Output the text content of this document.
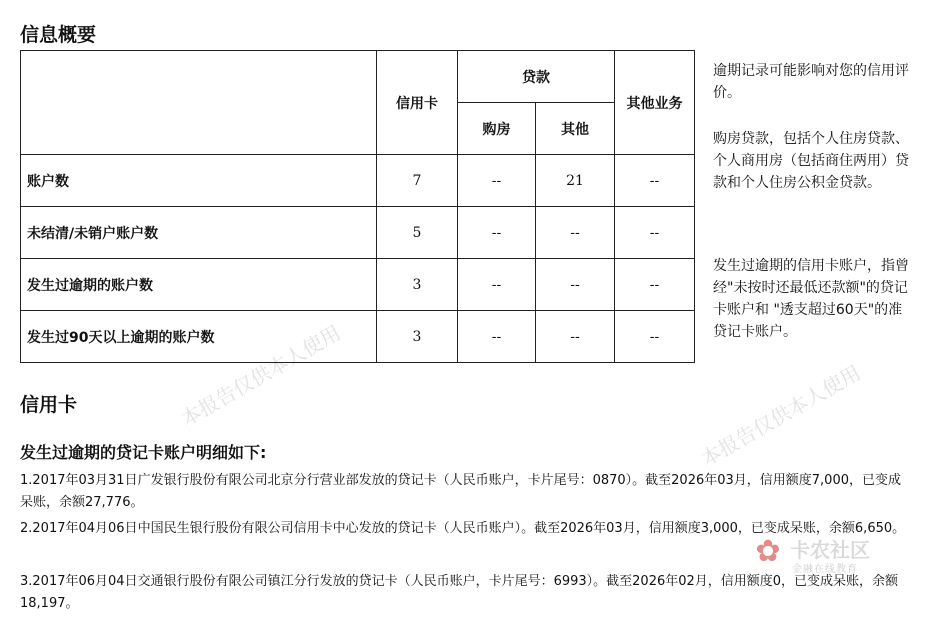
本报告仅供本人使用	本报告仅供本人使用
信息概要
	信用卡	贷款		其他业务
		购房	其他	
账户数	7	--	21	--
未结清/未销户账户数	5	--	--	--
发生过逾期的账户数	3	--	--	--
发生过90天以上逾期的账户数	3	--	--	--

逾期记录可能影响对您的信用评价。

购房贷款，包括个人住房贷款、个人商用房（包括商住两用）贷款和个人住房公积金贷款。

发生过逾期的信用卡账户，指曾经"未按时还最低还款额"的贷记卡账户和 "透支超过60天"的准贷记卡账户。

信用卡
发生过逾期的贷记卡账户明细如下:

1.2017年03月31日广发银行股份有限公司北京分行营业部发放的贷记卡（人民币账户，卡片尾号：0870）。截至2026年03月，信用额度7,000，已变成呆账，余额27,776。

2.2017年04月06日中国民生银行股份有限公司信用卡中心发放的贷记卡（人民币账户）。截至2026年03月，信用额度3,000，已变成呆账，余额6,650。

3.2017年06月04日交通银行股份有限公司镇江分行发放的贷记卡（人民币账户，卡片尾号：6993）。截至2026年02月，信用额度0，已变成呆账，余额18,197。

✿ 卡农社区
金融在线教育
